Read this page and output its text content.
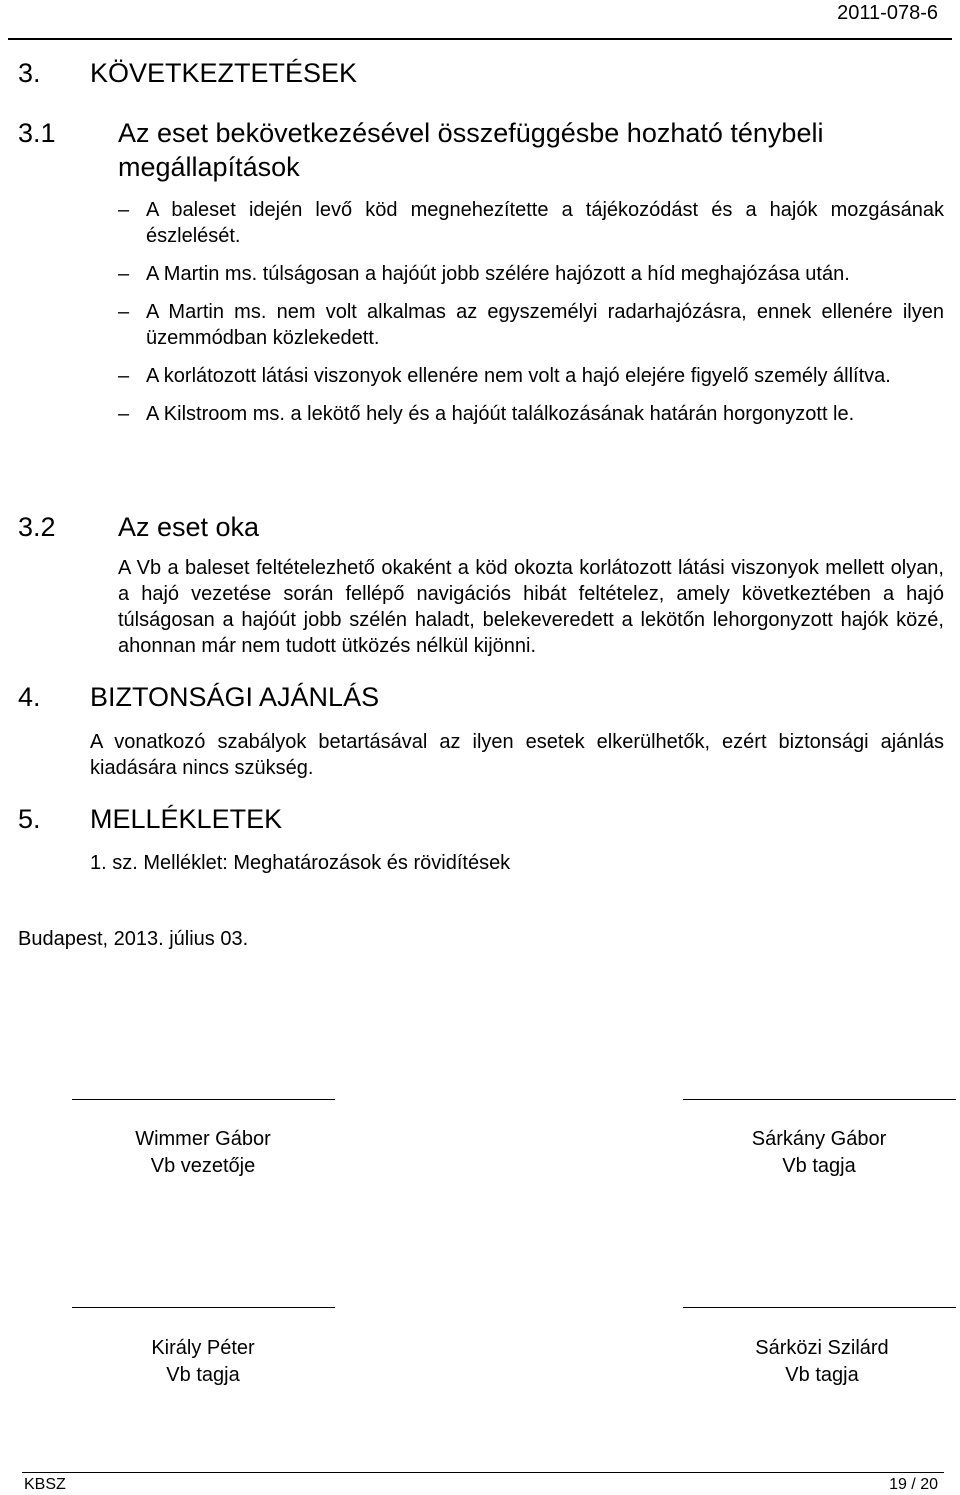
2011-078-6
3. KÖVETKEZTETÉSEK
3.1 Az eset bekövetkezésével összefüggésbe hozható ténybeli megállapítások
– A baleset idején levő köd megnehezítette a tájékozódást és a hajók mozgásának észlelését.
– A Martin ms. túlságosan a hajóút jobb szélére hajózott a híd meghajózása után.
– A Martin ms. nem volt alkalmas az egyszemélyi radarhajózásra, ennek ellenére ilyen üzemmódban közlekedett.
– A korlátozott látási viszonyok ellenére nem volt a hajó elejére figyelő személy állítva.
– A Kilstroom ms. a lekötő hely és a hajóút találkozásának határán horgonyzott le.
3.2 Az eset oka
A Vb a baleset feltételezhető okaként a köd okozta korlátozott látási viszonyok mellett olyan, a hajó vezetése során fellépő navigációs hibát feltételez, amely következtében a hajó túlságosan a hajóút jobb szélén haladt, belekeveredett a lekötőn lehorgonyzott hajók közé, ahonnan már nem tudott ütközés nélkül kijönni.
4. BIZTONSÁGI AJÁNLÁS
A vonatkozó szabályok betartásával az ilyen esetek elkerülhetők, ezért biztonsági ajánlás kiadására nincs szükség.
5. MELLÉKLETEK
1. sz. Melléklet: Meghatározások és rövidítések
Budapest, 2013. július 03.
Wimmer Gábor
Vb vezetője
Sárkány Gábor
Vb tagja
Király Péter
Vb tagja
Sárközi Szilárd
Vb tagja
KBSZ	19 / 20
